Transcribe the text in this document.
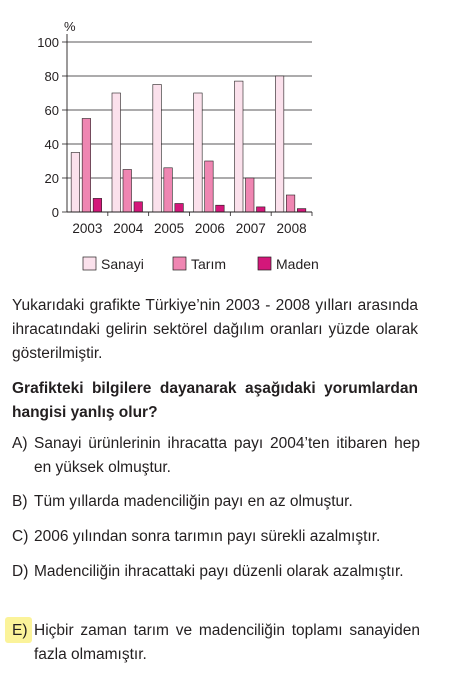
%
0
20
40
60
80
100
2003 2004 2005 2006 2007 2008
Sanayi	Tarım	Maden
Yukarıdaki grafikte Türkiye’nin 2003 - 2008 yılları arasında ihracatındaki gelirin sektörel dağılım oranları yüzde olarak gösterilmiştir.
Grafikteki bilgilere dayanarak aşağıdaki yorumlardan hangisi yanlış olur?
A) Sanayi ürünlerinin ihracatta payı 2004’ten itibaren hep en yüksek olmuştur.
B) Tüm yıllarda madenciliğin payı en az olmuştur.
C) 2006 yılından sonra tarımın payı sürekli azalmıştır.
D) Madenciliğin ihracattaki payı düzenli olarak azalmıştır.
E) Hiçbir zaman tarım ve madenciliğin toplamı sanayiden fazla olmamıştır.
